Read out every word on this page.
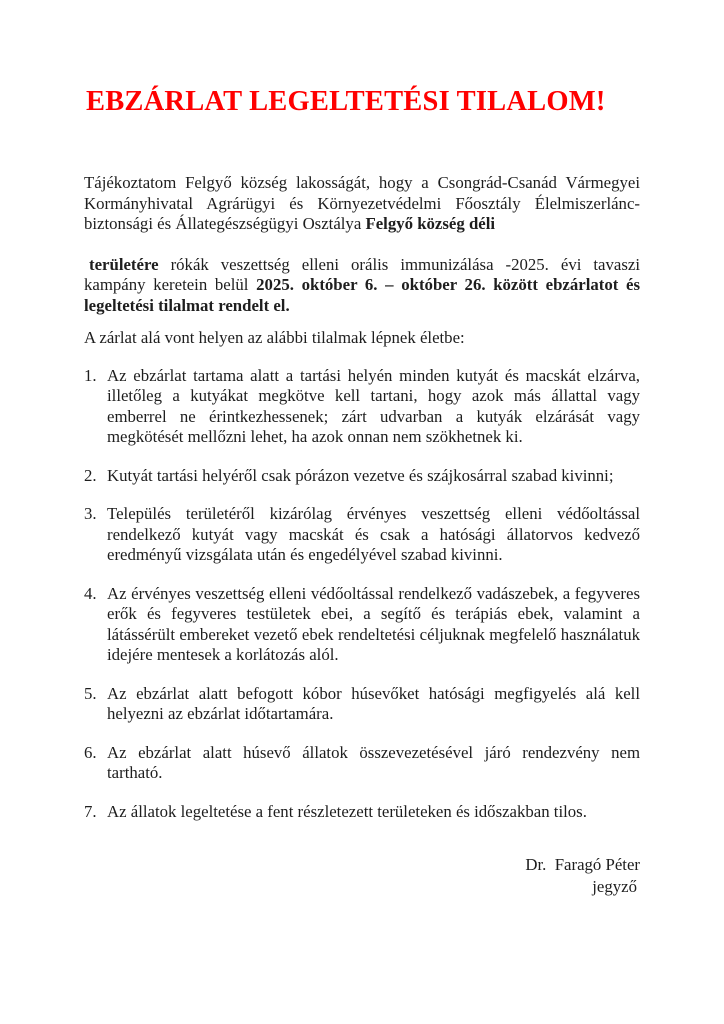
EBZÁRLAT LEGELTETÉSI TILALOM!

Tájékoztatom Felgyő község lakosságát, hogy a Csongrád-Csanád Vármegyei Kormányhivatal Agrárügyi és Környezetvédelmi Főosztály Élelmiszerlánc-biztonsági és Állategészségügyi Osztálya Felgyő község déli

területére rókák veszettség elleni orális immunizálása -2025. évi tavaszi kampány keretein belül 2025. október 6. – október 26. között ebzárlatot és legeltetési tilalmat rendelt el.

A zárlat alá vont helyen az alábbi tilalmak lépnek életbe:

1. Az ebzárlat tartama alatt a tartási helyén minden kutyát és macskát elzárva, illetőleg a kutyákat megkötve kell tartani, hogy azok más állattal vagy emberrel ne érintkezhessenek; zárt udvarban a kutyák elzárását vagy megkötését mellőzni lehet, ha azok onnan nem szökhetnek ki.
2. Kutyát tartási helyéről csak pórázon vezetve és szájkosárral szabad kivinni;
3. Település területéről kizárólag érvényes veszettség elleni védőoltással rendelkező kutyát vagy macskát és csak a hatósági állatorvos kedvező eredményű vizsgálata után és engedélyével szabad kivinni.
4. Az érvényes veszettség elleni védőoltással rendelkező vadászebek, a fegyveres erők és fegyveres testületek ebei, a segítő és terápiás ebek, valamint a látássérült embereket vezető ebek rendeltetési céljuknak megfelelő használatuk idejére mentesek a korlátozás alól.
5. Az ebzárlat alatt befogott kóbor húsevőket hatósági megfigyelés alá kell helyezni az ebzárlat időtartamára.
6. Az ebzárlat alatt húsevő állatok összevezetésével járó rendezvény nem tartható.
7. Az állatok legeltetése a fent részletezett területeken és időszakban tilos.
Dr.  Faragó Péter
jegyző
